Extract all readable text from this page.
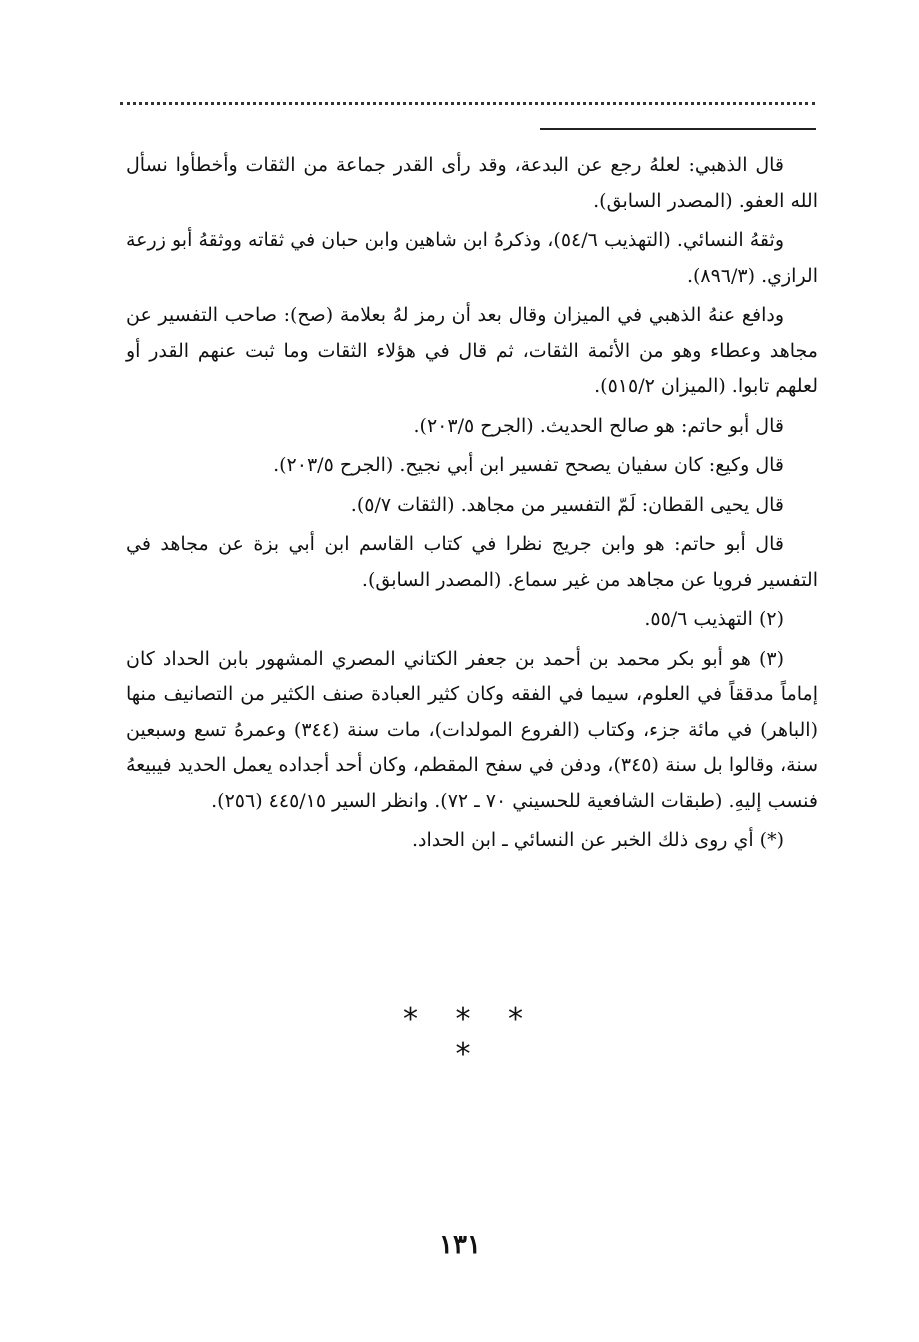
قال الذهبي: لعلهُ رجع عن البدعة، وقد رأى القدر جماعة من الثقات وأخطأوا نسأل الله العفو. (المصدر السابق).

وثقهُ النسائي. (التهذيب ٥٤/٦)، وذكرهُ ابن شاهين وابن حبان في ثقاته ووثقهُ أبو زرعة الرازي. (٨٩٦/٣).

ودافع عنهُ الذهبي في الميزان وقال بعد أن رمز لهُ بعلامة (صح): صاحب التفسير عن مجاهد وعطاء وهو من الأئمة الثقات، ثم قال في هؤلاء الثقات وما ثبت عنهم القدر أو لعلهم تابوا. (الميزان ٥١٥/٢).

قال أبو حاتم: هو صالح الحديث. (الجرح ٢٠٣/٥).

قال وكيع: كان سفيان يصحح تفسير ابن أبي نجيح. (الجرح ٢٠٣/٥).

قال يحيى القطان: لَمّ التفسير من مجاهد. (الثقات ٥/٧).

قال أبو حاتم: هو وابن جريج نظرا في كتاب القاسم ابن أبي بزة عن مجاهد في التفسير فرويا عن مجاهد من غير سماع. (المصدر السابق).

(٢) التهذيب ٥٥/٦.

(٣) هو أبو بكر محمد بن أحمد بن جعفر الكتاني المصري المشهور بابن الحداد كان إماماً مدققاً في العلوم، سيما في الفقه وكان كثير العبادة صنف الكثير من التصانيف منها (الباهر) في مائة جزء، وكتاب (الفروع المولدات)، مات سنة (٣٤٤) وعمرهُ تسع وسبعين سنة، وقالوا بل سنة (٣٤٥)، ودفن في سفح المقطم، وكان أحد أجداده يعمل الحديد فيبيعهُ فنسب إليهِ. (طبقات الشافعية للحسيني ٧٠ ـ ٧٢). وانظر السير ٤٤٥/١٥ (٢٥٦).

(*) أي روى ذلك الخبر عن النسائي ـ ابن الحداد.

* * * *
١٣١
